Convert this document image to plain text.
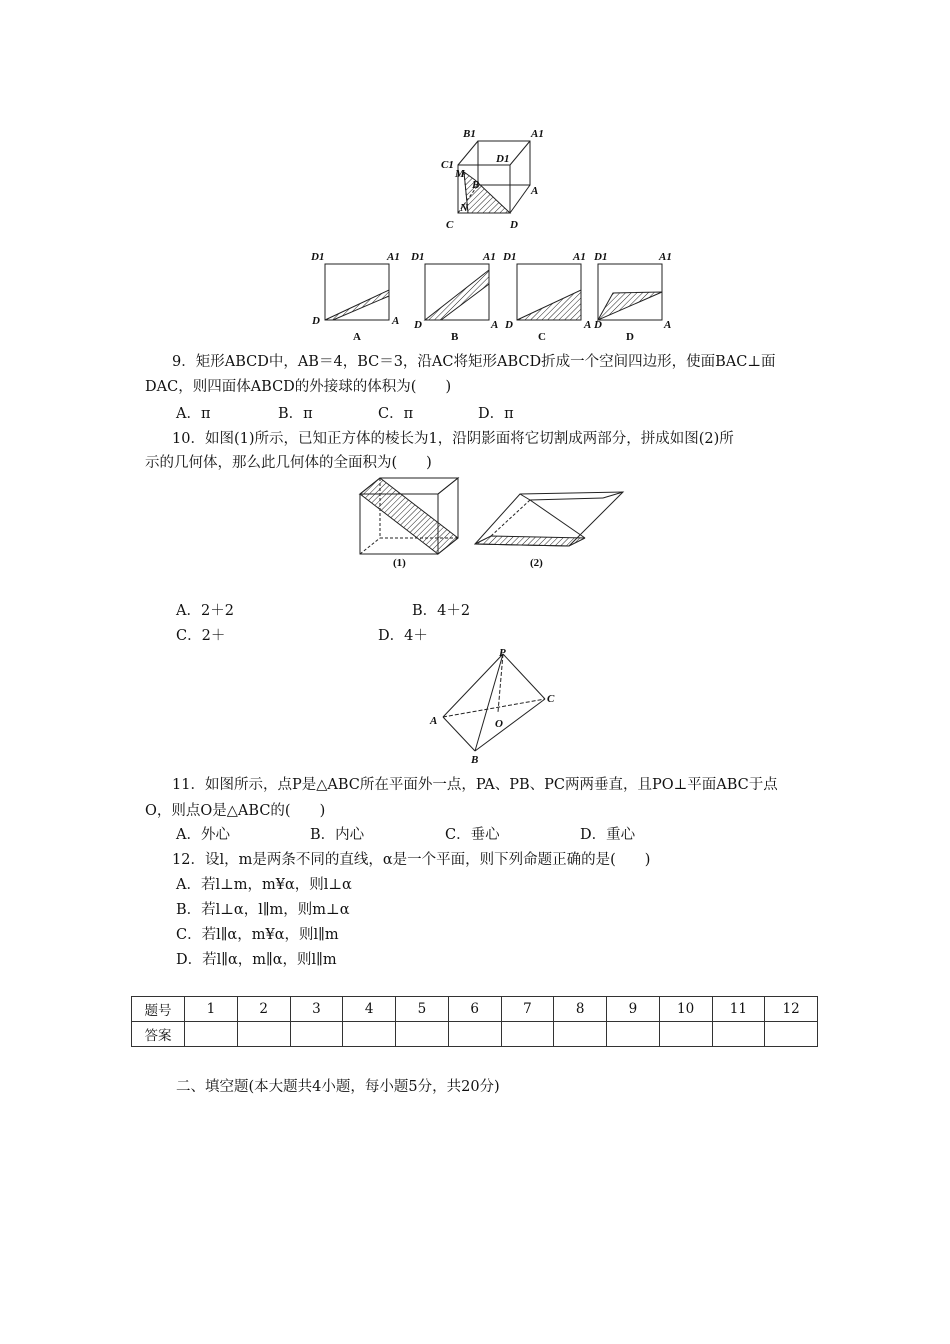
B1	A1
C1	D1
M
B	A
N
C	D
D1	A1
D	A
A
D1	A1
D	A
B
D1	A1
D	A
C
D1	A1
D	A
D
9．矩形ABCD中，AB＝4，BC＝3，沿AC将矩形ABCD折成一个空间四边形，使面BAC⊥面
DAC，则四面体ABCD的外接球的体积为(　　)
A．π	B．π	C．π	D．π
10．如图(1)所示，已知正方体的棱长为1，沿阴影面将它切割成两部分，拼成如图(2)所
示的几何体，那么此几何体的全面积为(　　)
(1)	(2)
A．2＋2	B．4＋2
C．2＋	D．4＋
P
A
C
O
B
11．如图所示，点P是△ABC所在平面外一点，PA、PB、PC两两垂直，且PO⊥平面ABC于点
O，则点O是△ABC的(　　)
A．外心	B．内心	C．垂心	D．重心
12．设l，m是两条不同的直线，α是一个平面，则下列命题正确的是(　　)
A．若l⊥m，m¥α，则l⊥α
B．若l⊥α，l∥m，则m⊥α
C．若l∥α，m¥α，则l∥m
D．若l∥α，m∥α，则l∥m
题号	1	2	3	4	5	6	7	8	9	10	11	12
答案												
二、填空题(本大题共4小题，每小题5分，共20分)
